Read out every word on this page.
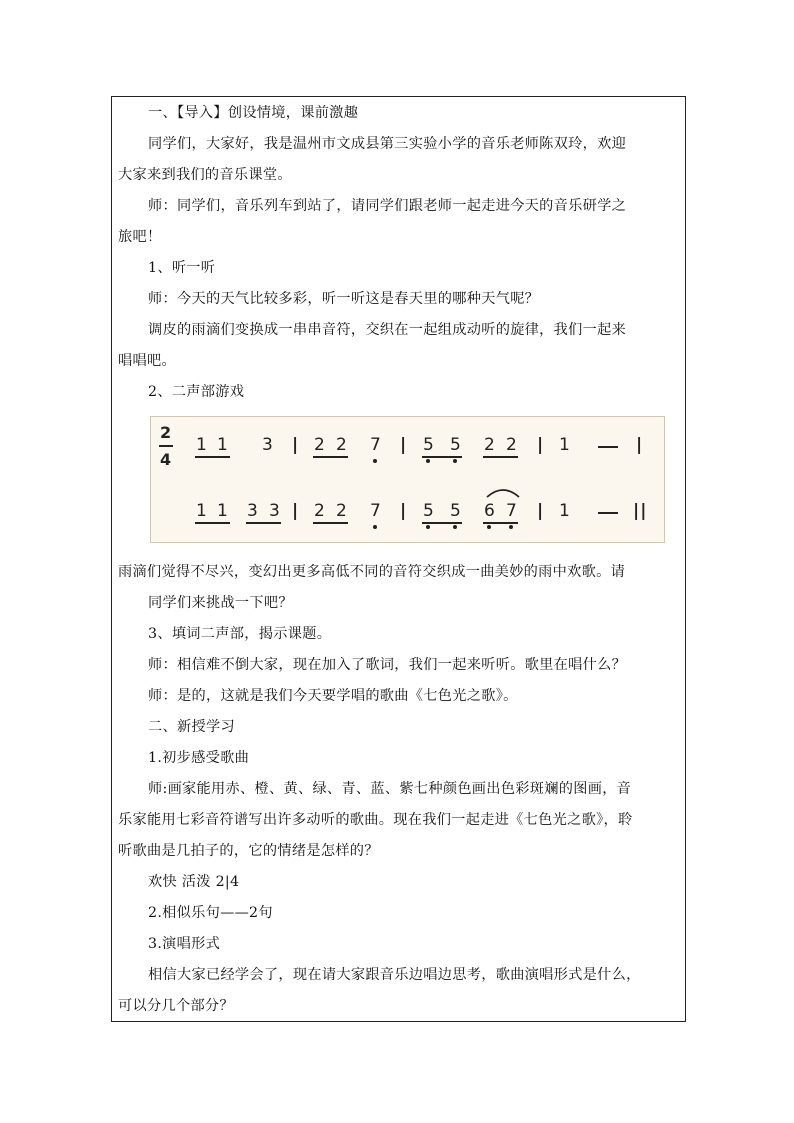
一、【导入】创设情境，课前激趣
同学们，大家好，我是温州市文成县第三实验小学的音乐老师陈双玲，欢迎
大家来到我们的音乐课堂。
师：同学们，音乐列车到站了，请同学们跟老师一起走进今天的音乐研学之
旅吧！
1、听一听
师：今天的天气比较多彩，听一听这是春天里的哪种天气呢？
调皮的雨滴们变换成一串串音符，交织在一起组成动听的旋律，我们一起来
唱唱吧。
2、二声部游戏
2
4
1 1 3 | 2 2 7 | 5 5 2 2 | 1	|
1 1 3 3 | 2 2 7 | 5 5 6 7 | 1	||
雨滴们觉得不尽兴，变幻出更多高低不同的音符交织成一曲美妙的雨中欢歌。请
同学们来挑战一下吧？
3、填词二声部，揭示课题。
师：相信难不倒大家，现在加入了歌词，我们一起来听听。歌里在唱什么？
师：是的，这就是我们今天要学唱的歌曲《七色光之歌》。
二、新授学习
1.初步感受歌曲
师:画家能用赤、橙、黄、绿、青、蓝、紫七种颜色画出色彩斑斓的图画，音
乐家能用七彩音符谱写出许多动听的歌曲。现在我们一起走进《七色光之歌》，聆
听歌曲是几拍子的，它的情绪是怎样的？
欢快 活泼 2|4
2.相似乐句——2句
3.演唱形式
相信大家已经学会了，现在请大家跟音乐边唱边思考，歌曲演唱形式是什么，
可以分几个部分？
